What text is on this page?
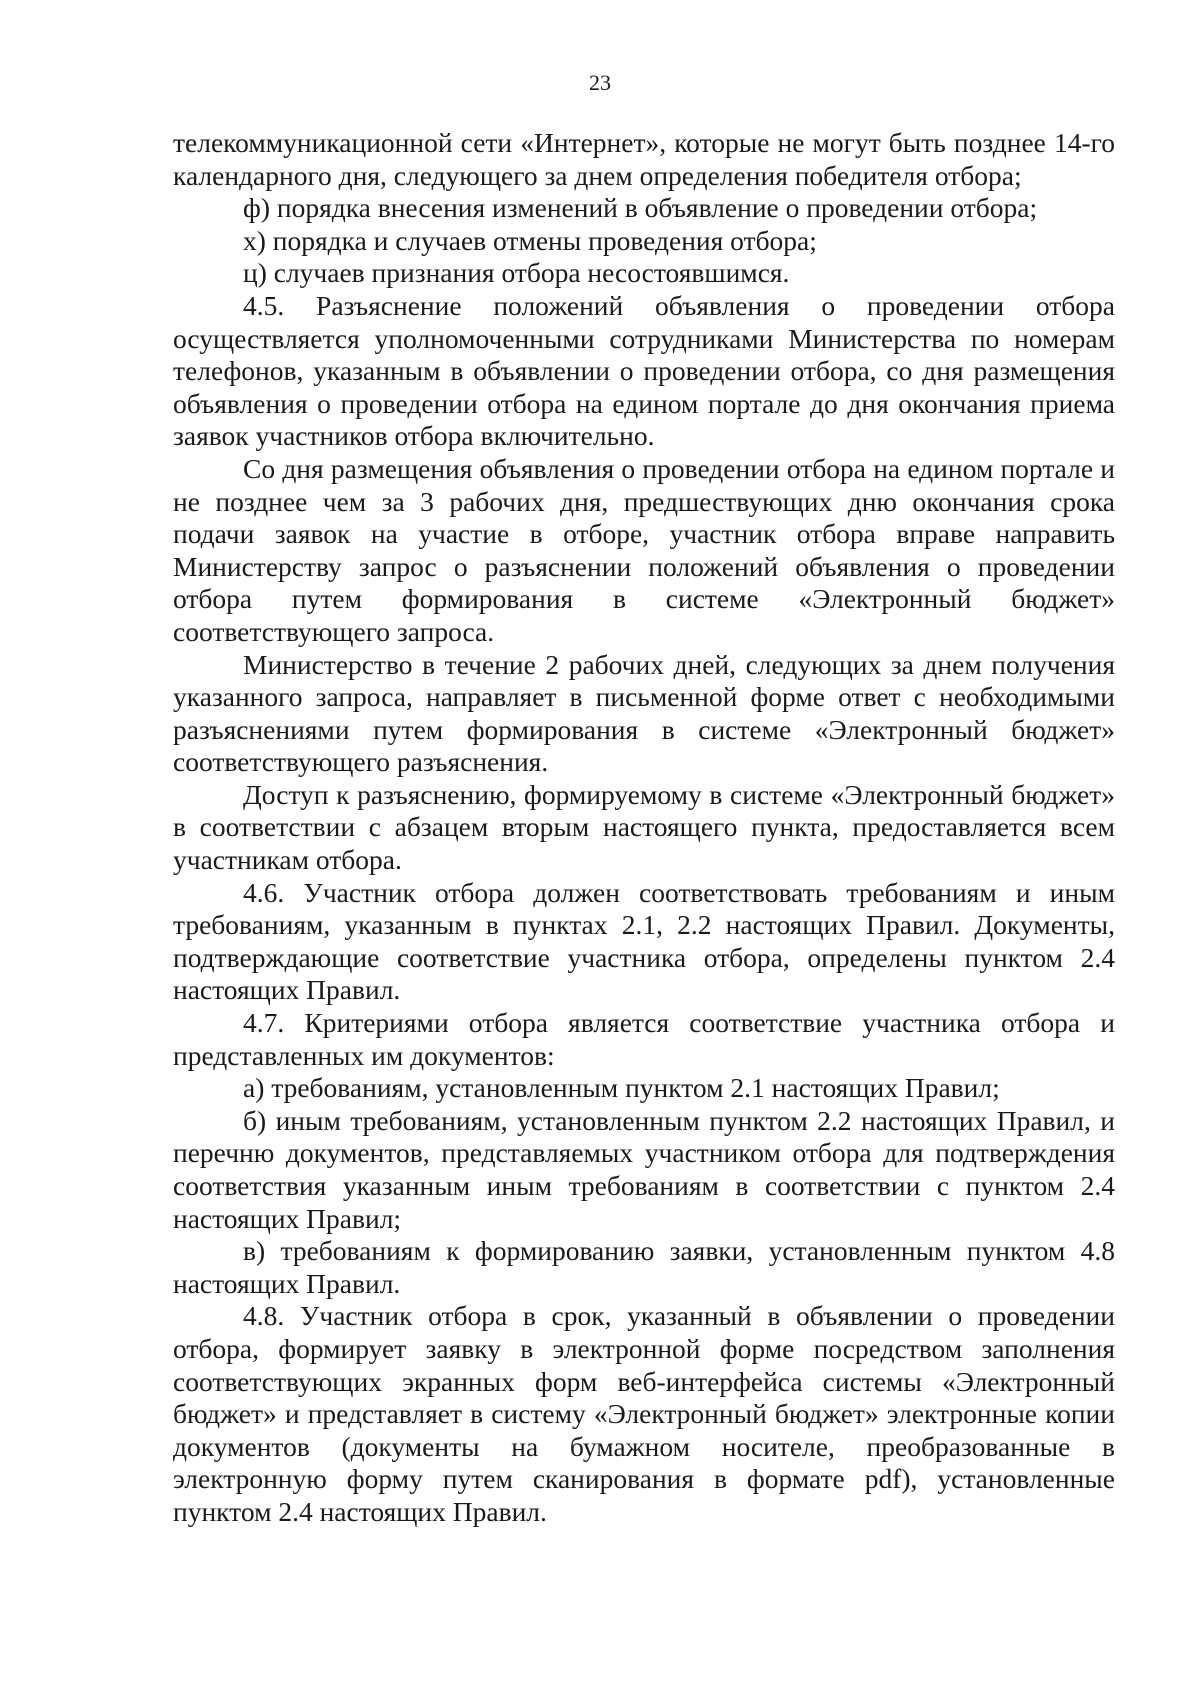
23

телекоммуникационной сети «Интернет», которые не могут быть позднее 14-го календарного дня, следующего за днем определения победителя отбора;

ф) порядка внесения изменений в объявление о проведении отбора;

х) порядка и случаев отмены проведения отбора;

ц) случаев признания отбора несостоявшимся.

4.5. Разъяснение положений объявления о проведении отбора осуществляется уполномоченными сотрудниками Министерства по номерам телефонов, указанным в объявлении о проведении отбора, со дня размещения объявления о проведении отбора на едином портале до дня окончания приема заявок участников отбора включительно.

Со дня размещения объявления о проведении отбора на едином портале и не позднее чем за 3 рабочих дня, предшествующих дню окончания срока подачи заявок на участие в отборе, участник отбора вправе направить Министерству запрос о разъяснении положений объявления о проведении отбора путем формирования в системе «Электронный бюджет» соответствующего запроса.

Министерство в течение 2 рабочих дней, следующих за днем получения указанного запроса, направляет в письменной форме ответ с необходимыми разъяснениями путем формирования в системе «Электронный бюджет» соответствующего разъяснения.

Доступ к разъяснению, формируемому в системе «Электронный бюджет» в соответствии с абзацем вторым настоящего пункта, предоставляется всем участникам отбора.

4.6. Участник отбора должен соответствовать требованиям и иным требованиям, указанным в пунктах 2.1, 2.2 настоящих Правил. Документы, подтверждающие соответствие участника отбора, определены пунктом 2.4 настоящих Правил.

4.7. Критериями отбора является соответствие участника отбора и представленных им документов:

а) требованиям, установленным пунктом 2.1 настоящих Правил;

б) иным требованиям, установленным пунктом 2.2 настоящих Правил, и перечню документов, представляемых участником отбора для подтверждения соответствия указанным иным требованиям в соответствии с пунктом 2.4 настоящих Правил;

в) требованиям к формированию заявки, установленным пунктом 4.8 настоящих Правил.

4.8. Участник отбора в срок, указанный в объявлении о проведении отбора, формирует заявку в электронной форме посредством заполнения соответствующих экранных форм веб-интерфейса системы «Электронный бюджет» и представляет в систему «Электронный бюджет» электронные копии документов (документы на бумажном носителе, преобразованные в электронную форму путем сканирования в формате pdf), установленные пунктом 2.4 настоящих Правил.
